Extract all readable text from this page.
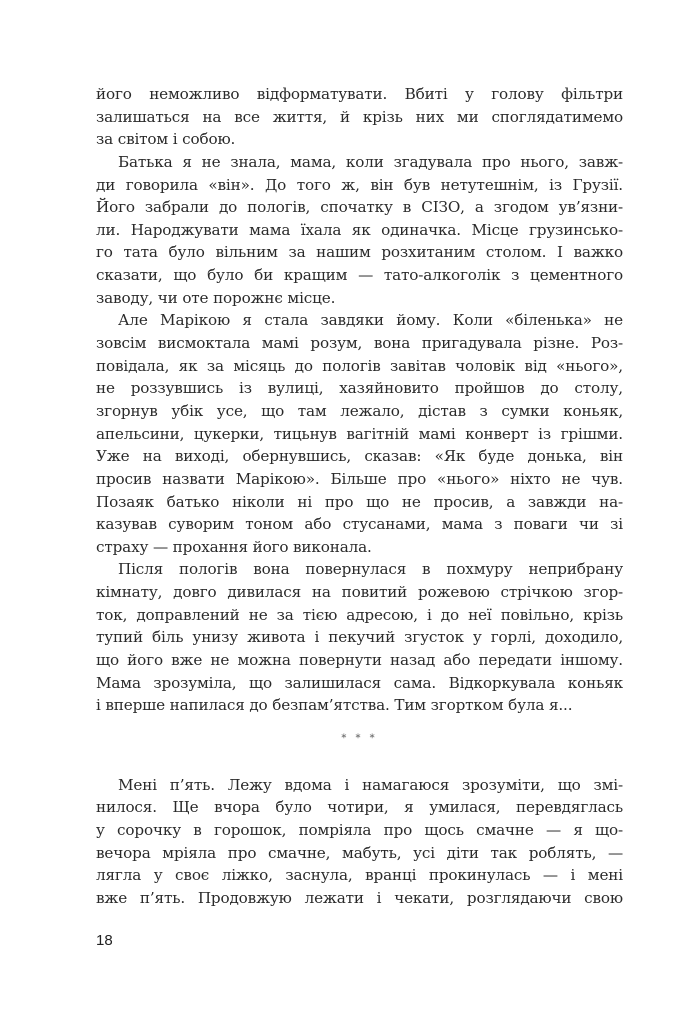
його неможливо відформатувати. Вбиті у голову фільтри
залишаться на все життя, й крізь них ми споглядатимемо
за світом і собою.
Батька я не знала, мама, коли згадувала про нього, завж-
ди говорила «він». До того ж, він був нетутешнім, із Грузії.
Його забрали до пологів, спочатку в СІЗО, а згодом ув’язни-
ли. Народжувати мама їхала як одиначка. Місце грузинсько-
го тата було вільним за нашим розхитаним столом. І важко
сказати, що було би кращим — тато-алкоголік з цементного
заводу, чи оте порожнє місце.
Але Марікою я стала завдяки йому. Коли «біленька» не
зовсім висмоктала мамі розум, вона пригадувала різне. Роз-
повідала, як за місяць до пологів завітав чоловік від «нього»,
не роззувшись із вулиці, хазяйновито пройшов до столу,
згорнув убік усе, що там лежало, дістав з сумки коньяк,
апельсини, цукерки, тицьнув вагітній мамі конверт із грішми.
Уже на виході, обернувшись, сказав: «Як буде донька, він
просив назвати Марікою». Більше про «нього» ніхто не чув.
Позаяк батько ніколи ні про що не просив, а завжди на-
казував суворим тоном або стусанами, мама з поваги чи зі
страху — прохання його виконала.
Після пологів вона повернулася в похмуру неприбрану
кімнату, довго дивилася на повитий рожевою стрічкою згор-
ток, доправлений не за тією адресою, і до неї повільно, крізь
тупий біль унизу живота і пекучий згусток у горлі, доходило,
що його вже не можна повернути назад або передати іншому.
Мама зрозуміла, що залишилася сама. Відкоркувала коньяк
і вперше напилася до безпам’ятства. Тим згортком була я...
* * *
Мені п’ять. Лежу вдома і намагаюся зрозуміти, що змі-
нилося. Ще вчора було чотири, я умилася, перевдяглась
у сорочку в горошок, помріяла про щось смачне — я що-
вечора мріяла про смачне, мабуть, усі діти так роблять, —
лягла у своє ліжко, заснула, вранці прокинулась — і мені
вже п’ять. Продовжую лежати і чекати, розглядаючи свою
18
